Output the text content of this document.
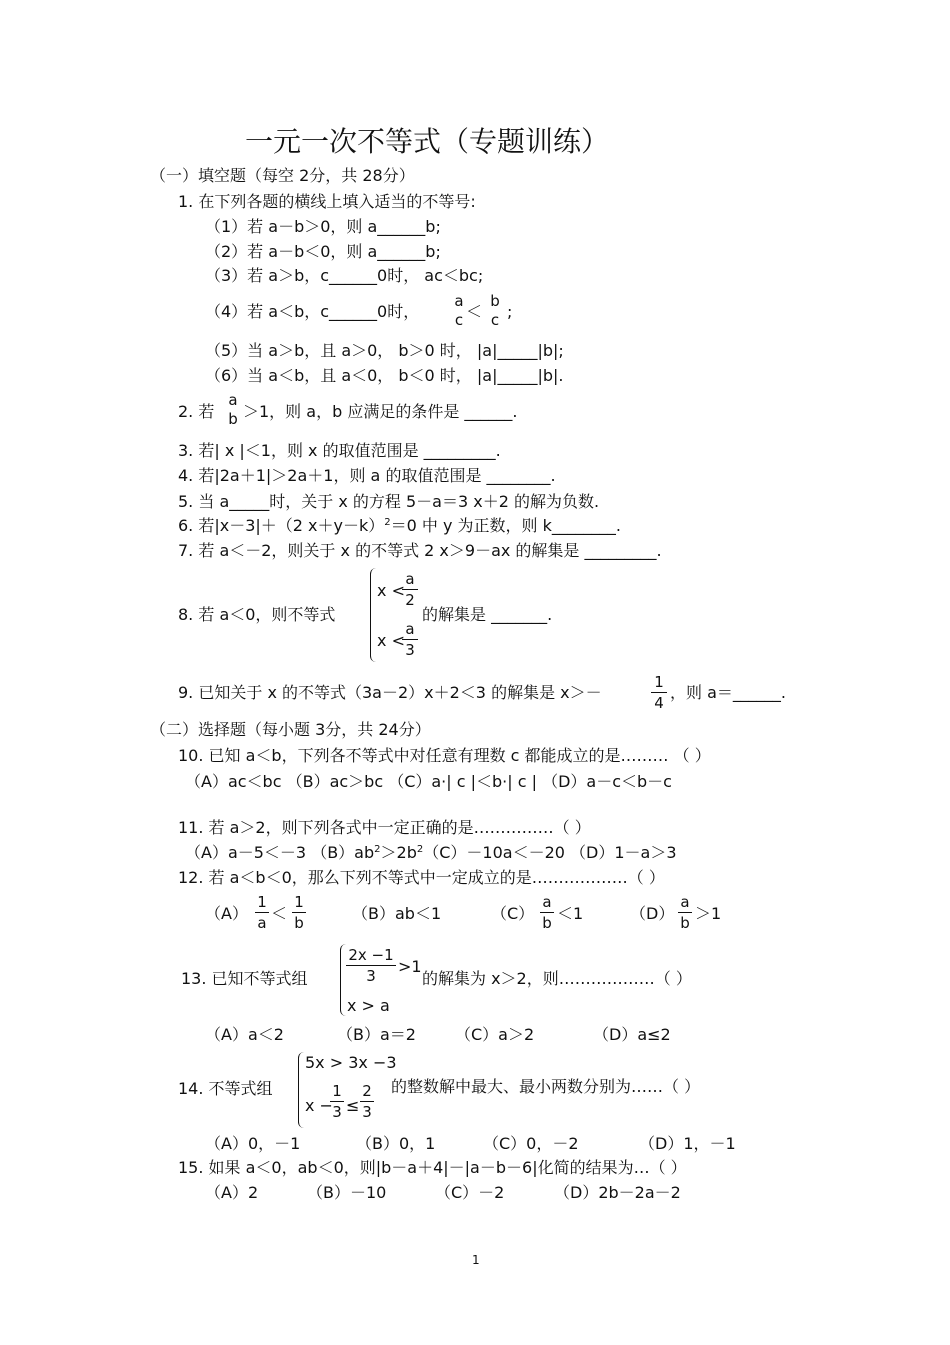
一元一次不等式（专题训练）
（一）填空题（每空 2分，共 28分）
1. 在下列各题的横线上填入适当的不等号:
（1）若 a－b＞0，则 a______b;
（2）若 a－b＜0，则 a______b;
（3）若 a＞b，c______0时， ac＜bc;
（4）若 a＜b，c______0时，
a
c ＜
b
c ;
（5）当 a＞b，且 a＞0， b＞0 时， |a|_____|b|;
（6）当 a＜b，且 a＜0， b＜0 时， |a|_____|b|.
2. 若
a
b ＞1，则 a，b 应满足的条件是 ______.
3. 若| x |＜1，则 x 的取值范围是 _________.
4. 若|2a＋1|＞2a＋1，则 a 的取值范围是 ________.
5. 当 a_____时，关于 x 的方程 5－a＝3 x＋2 的解为负数.
6. 若|x－3|＋（2 x＋y－k）$^2$＝0 中 y 为正数，则 k________.
7. 若 a＜－2，则关于 x 的不等式 2 x＞9－ax 的解集是 _________.
8. 若 a＜0，则不等式
x <
a
2
x <
a
3
的解集是 _______.
9. 已知关于 x 的不等式（3a－2）x＋2＜3 的解集是 x＞－
1
4
，则 a＝______.
（二）选择题（每小题 3分，共 24分）
10. 已知 a＜b，下列各不等式中对任意有理数 c 都能成立的是……… （ ）
（A）ac＜bc （B）ac＞bc （C）a·| c |＜b·| c | （D）a－c＜b－c
11. 若 a＞2，则下列各式中一定正确的是……………（ ）
（A）a－5＜－3 $(B)ab^2>2b^2(C)-10a<-20$ （D）1－a＞3
12. 若 a＜b＜0，那么下列不等式中一定成立的是………………（ ）
（A）
1
a ＜
1
b	（B）ab＜1	（C）
a
b ＜1	（D）
a
b ＞1
13. 已知不等式组
2x −1
3	>1
x > a
的解集为 x＞2，则………………（ ）
（A）a＜2	（B）a＝2 （C）a＞2	（D）a≤2
14. 不等式组
5x > 3x −3
x −
1
3 ≤
2
3
的整数解中最大、最小两数分别为……（ ）
（A）0，－1	（B）0，1	（C）0，－2	（D）1，－1
15. 如果 a＜0，ab＜0，则|b－a＋4|－|a－b－6|化简的结果为…（ ）
（A）2	（B）－10	（C）－2	（D）2b－2a－2
1
